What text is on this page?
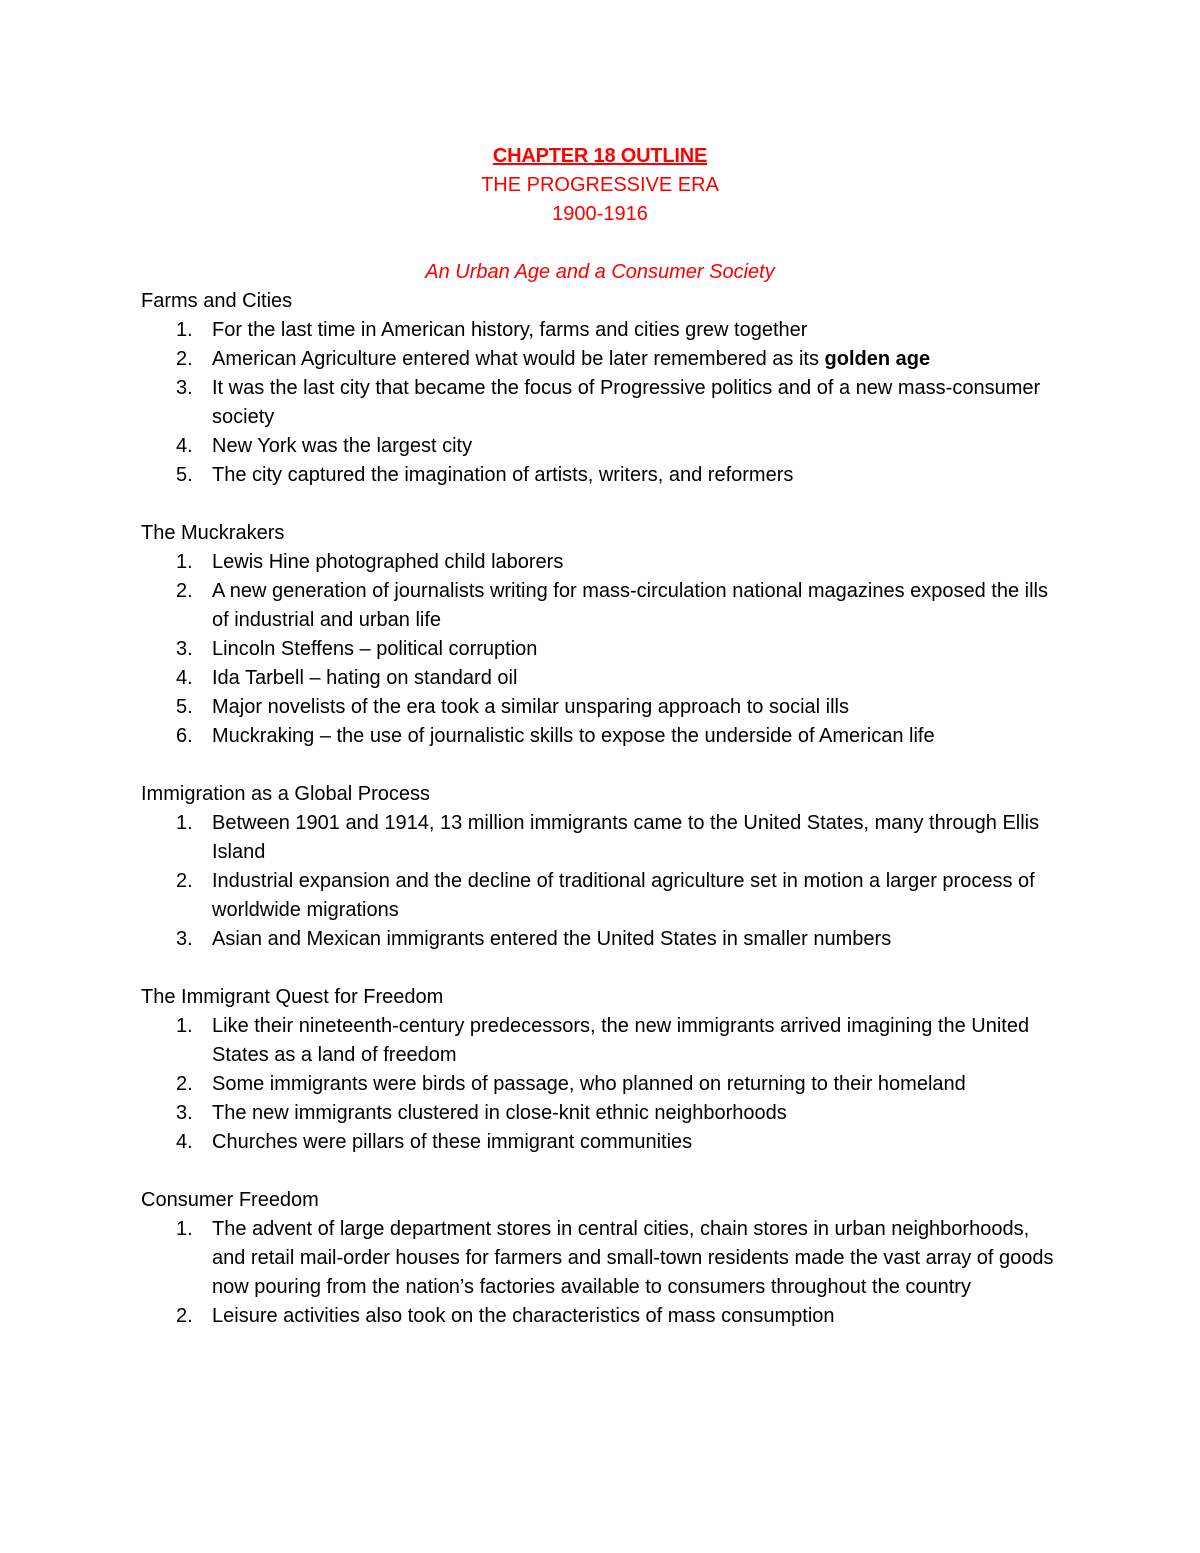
CHAPTER 18 OUTLINE
THE PROGRESSIVE ERA
1900-1916
An Urban Age and a Consumer Society
Farms and Cities
1. For the last time in American history, farms and cities grew together
2. American Agriculture entered what would be later remembered as its golden age
3. It was the last city that became the focus of Progressive politics and of a new mass-consumer society
4. New York was the largest city
5. The city captured the imagination of artists, writers, and reformers
The Muckrakers
1. Lewis Hine photographed child laborers
2. A new generation of journalists writing for mass-circulation national magazines exposed the ills of industrial and urban life
3. Lincoln Steffens – political corruption
4. Ida Tarbell – hating on standard oil
5. Major novelists of the era took a similar unsparing approach to social ills
6. Muckraking – the use of journalistic skills to expose the underside of American life
Immigration as a Global Process
1. Between 1901 and 1914, 13 million immigrants came to the United States, many through Ellis Island
2. Industrial expansion and the decline of traditional agriculture set in motion a larger process of worldwide migrations
3. Asian and Mexican immigrants entered the United States in smaller numbers
The Immigrant Quest for Freedom
1. Like their nineteenth-century predecessors, the new immigrants arrived imagining the United States as a land of freedom
2. Some immigrants were birds of passage, who planned on returning to their homeland
3. The new immigrants clustered in close-knit ethnic neighborhoods
4. Churches were pillars of these immigrant communities
Consumer Freedom
1. The advent of large department stores in central cities, chain stores in urban neighborhoods, and retail mail-order houses for farmers and small-town residents made the vast array of goods now pouring from the nation’s factories available to consumers throughout the country
2. Leisure activities also took on the characteristics of mass consumption
